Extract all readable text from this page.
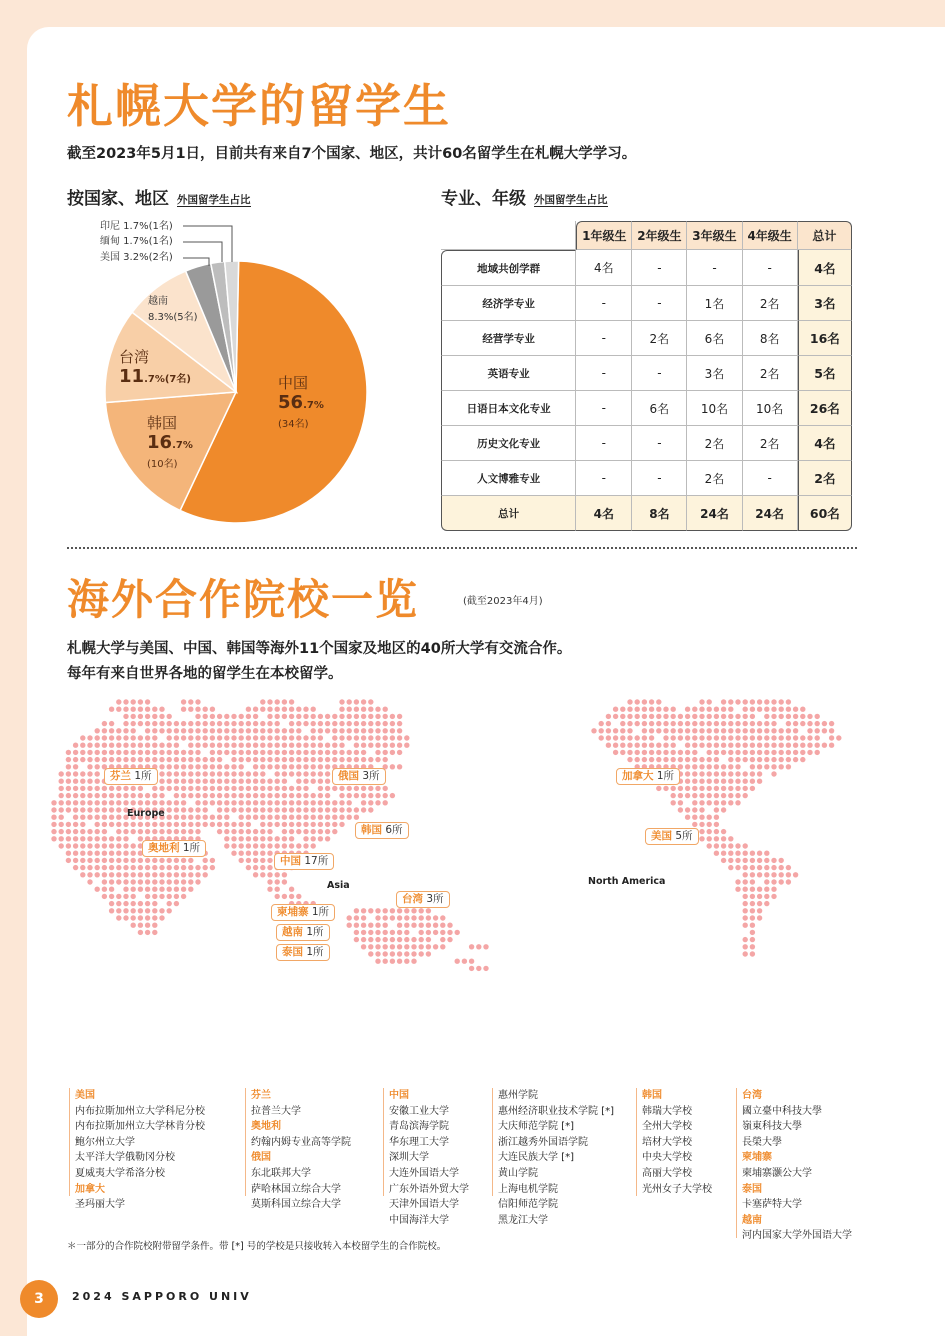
札幌大学的留学生
截至2023年5月1日，目前共有来自7个国家、地区，共计60名留学生在札幌大学学习。
按国家、地区 外国留学生占比	专业、年级 外国留学生占比
印尼 1.7%(1名)
缅甸 1.7%(1名)
美国 3.2%(2名)
越南
8.3%(5名)
台湾
11.7%(7名)
韩国
16.7%
(10名)
中国
56.7%
(34名)
	1年级生	2年级生	3年级生	4年级生	总计
地域共创学群	4名	-	-	-	4名
经济学专业	-	-	1名	2名	3名
经营学专业	-	2名	6名	8名	16名
英语专业	-	-	3名	2名	5名
日语日本文化专业	-	6名	10名	10名	26名
历史文化专业	-	-	2名	2名	4名
人文博雅专业	-	-	2名	-	2名
总计	4名	8名	24名	24名	60名
海外合作院校一览	(截至2023年4月)
札幌大学与美国、中国、韩国等海外11个国家及地区的40所大学有交流合作。
每年有来自世界各地的留学生在本校留学。
Europe
Asia	North America
芬兰 1所	俄国 3所	加拿大 1所
韩国 6所	美国 5所
奥地利 1所
中国 17所
台湾 3所
柬埔寨 1所
越南 1所
泰国 1所
美国
内布拉斯加州立大学科尼分校
内布拉斯加州立大学林肯分校
鲍尔州立大学
太平洋大学俄勒冈分校
夏威夷大学希洛分校
加拿大
圣玛丽大学
芬兰
拉普兰大学
奥地利
约翰内姆专业高等学院
俄国
东北联邦大学
萨哈林国立综合大学
莫斯科国立综合大学
中国
安徽工业大学
青岛滨海学院
华东理工大学
深圳大学
大连外国语大学
广东外语外贸大学
天津外国语大学
中国海洋大学
惠州学院
惠州经济职业技术学院 [*]
大庆师范学院 [*]
浙江越秀外国语学院
大连民族大学 [*]
黄山学院
上海电机学院
信阳师范学院
黑龙江大学
韩国
韩瑞大学校
全州大学校
培材大学校
中央大学校
高丽大学校
光州女子大学校
台湾
國立臺中科技大學
嶺東科技大學
長榮大學
柬埔寨
柬埔寨灏公大学
泰国
卡塞萨特大学
越南
河内国家大学外国语大学
＊一部分的合作院校附带留学条件。带 [*] 号的学校是只接收转入本校留学生的合作院校。
3	2024 SAPPORO UNIV
